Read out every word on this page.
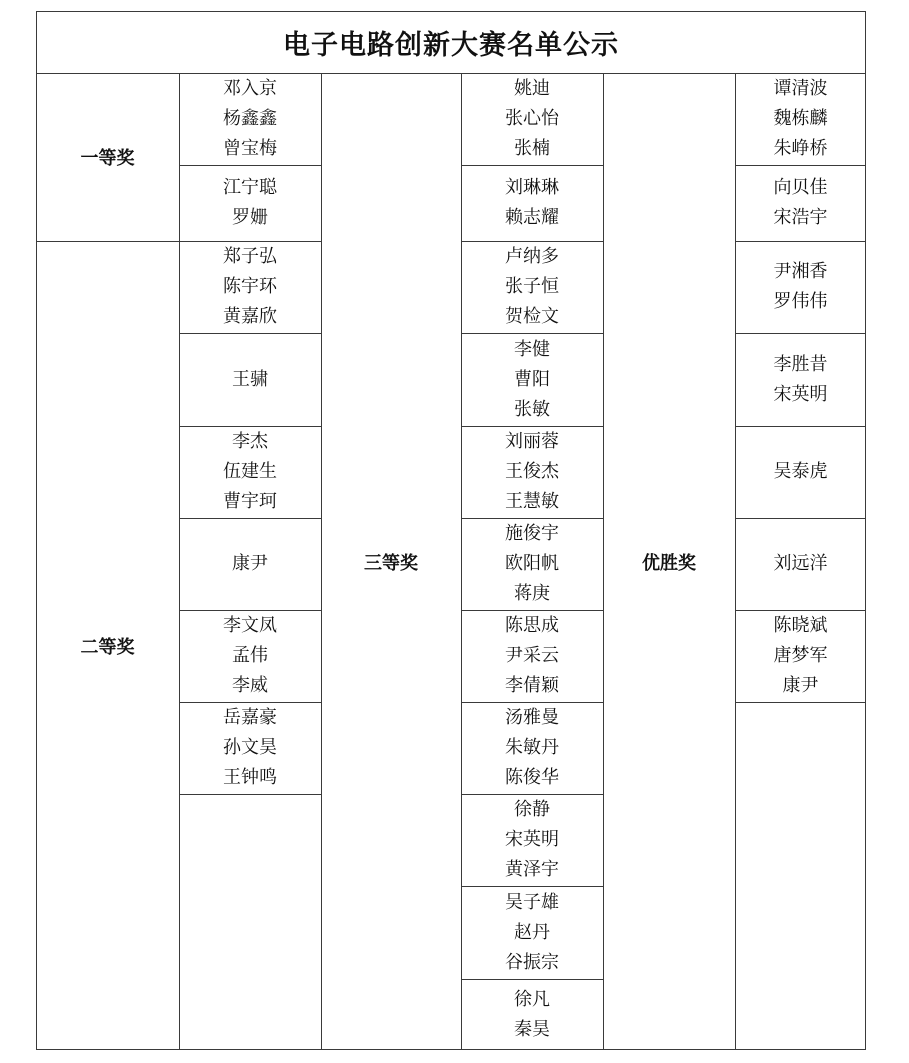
电子电路创新大赛名单公示
一等奖
二等奖
三等奖	优胜奖
邓入京
杨鑫鑫
曾宝梅
江宁聪
罗姗
郑子弘
陈宇环
黄嘉欣
王骕
李杰
伍建生
曹宇珂
康尹
李文凤
孟伟
李威
岳嘉豪
孙文昊
王钟鸣
姚迪
张心怡
张楠
刘琳琳
赖志耀
卢纳多
张子恒
贺检文
李健
曹阳
张敏
刘丽蓉
王俊杰
王慧敏
施俊宇
欧阳帆
蒋庚
陈思成
尹采云
李倩颖
汤雅曼
朱敏丹
陈俊华
徐静
宋英明
黄泽宇
吴子雄
赵丹
谷振宗
徐凡
秦昊
谭清波
魏栋麟
朱峥桥
向贝佳
宋浩宇
尹湘香
罗伟伟
李胜昔
宋英明
吴泰虎
刘远洋
陈晓斌
唐梦军
康尹
